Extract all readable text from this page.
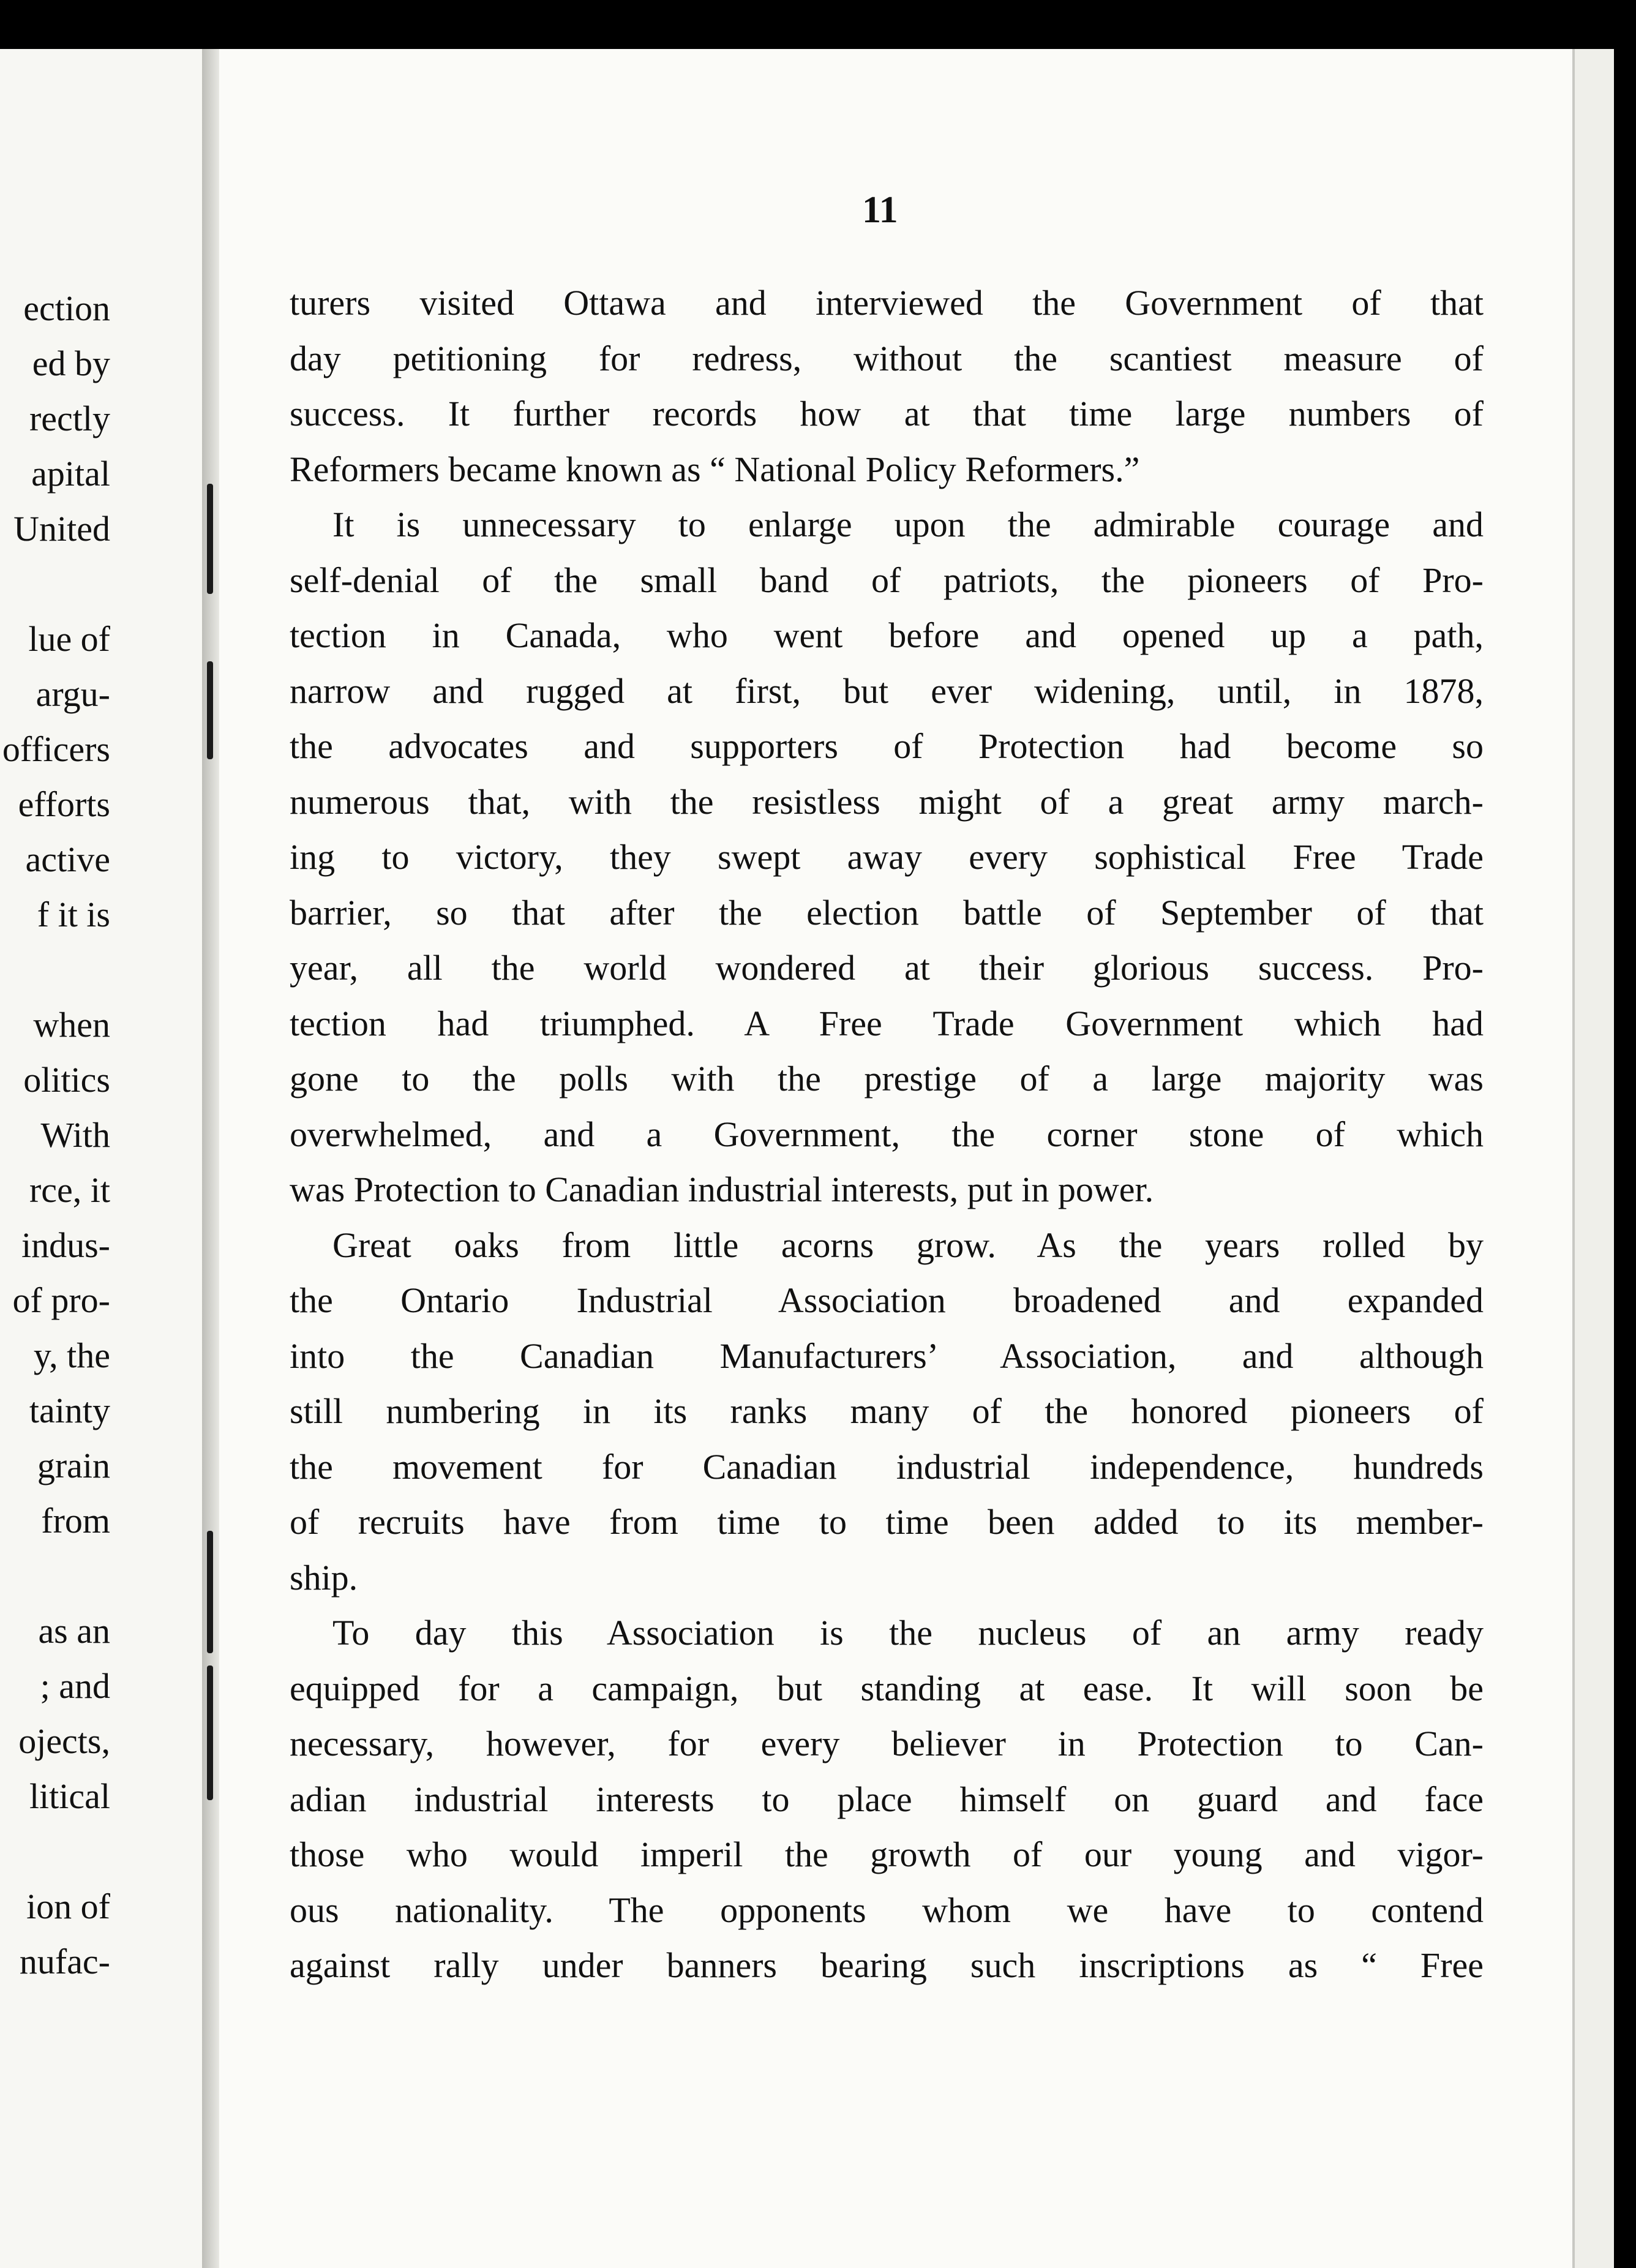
ection
ed by
rectly
apital
United
lue of
argu-
officers
efforts
active
f it is
when
olitics
With
rce, it
indus-
of pro-
y, the
tainty
grain
from
as an
; and
ojects,
litical
ion of
nufac-
11
turers visited Ottawa and interviewed the Government of that
day petitioning for redress, without the scantiest measure of
success. It further records how at that time large numbers of
Reformers became known as “ National Policy Reformers.”
It is unnecessary to enlarge upon the admirable courage and
self-denial of the small band of patriots, the pioneers of Pro-
tection in Canada, who went before and opened up a path,
narrow and rugged at first, but ever widening, until, in 1878,
the advocates and supporters of Protection had become so
numerous that, with the resistless might of a great army march-
ing to victory, they swept away every sophistical Free Trade
barrier, so that after the election battle of September of that
year, all the world wondered at their glorious success. Pro-
tection had triumphed. A Free Trade Government which had
gone to the polls with the prestige of a large majority was
overwhelmed, and a Government, the corner stone of which
was Protection to Canadian industrial interests, put in power.
Great oaks from little acorns grow. As the years rolled by
the Ontario Industrial Association broadened and expanded
into the Canadian Manufacturers’ Association, and although
still numbering in its ranks many of the honored pioneers of
the movement for Canadian industrial independence, hundreds
of recruits have from time to time been added to its member-
ship.
To day this Association is the nucleus of an army ready
equipped for a campaign, but standing at ease. It will soon be
necessary, however, for every believer in Protection to Can-
adian industrial interests to place himself on guard and face
those who would imperil the growth of our young and vigor-
ous nationality. The opponents whom we have to contend
against rally under banners bearing such inscriptions as “ Free
